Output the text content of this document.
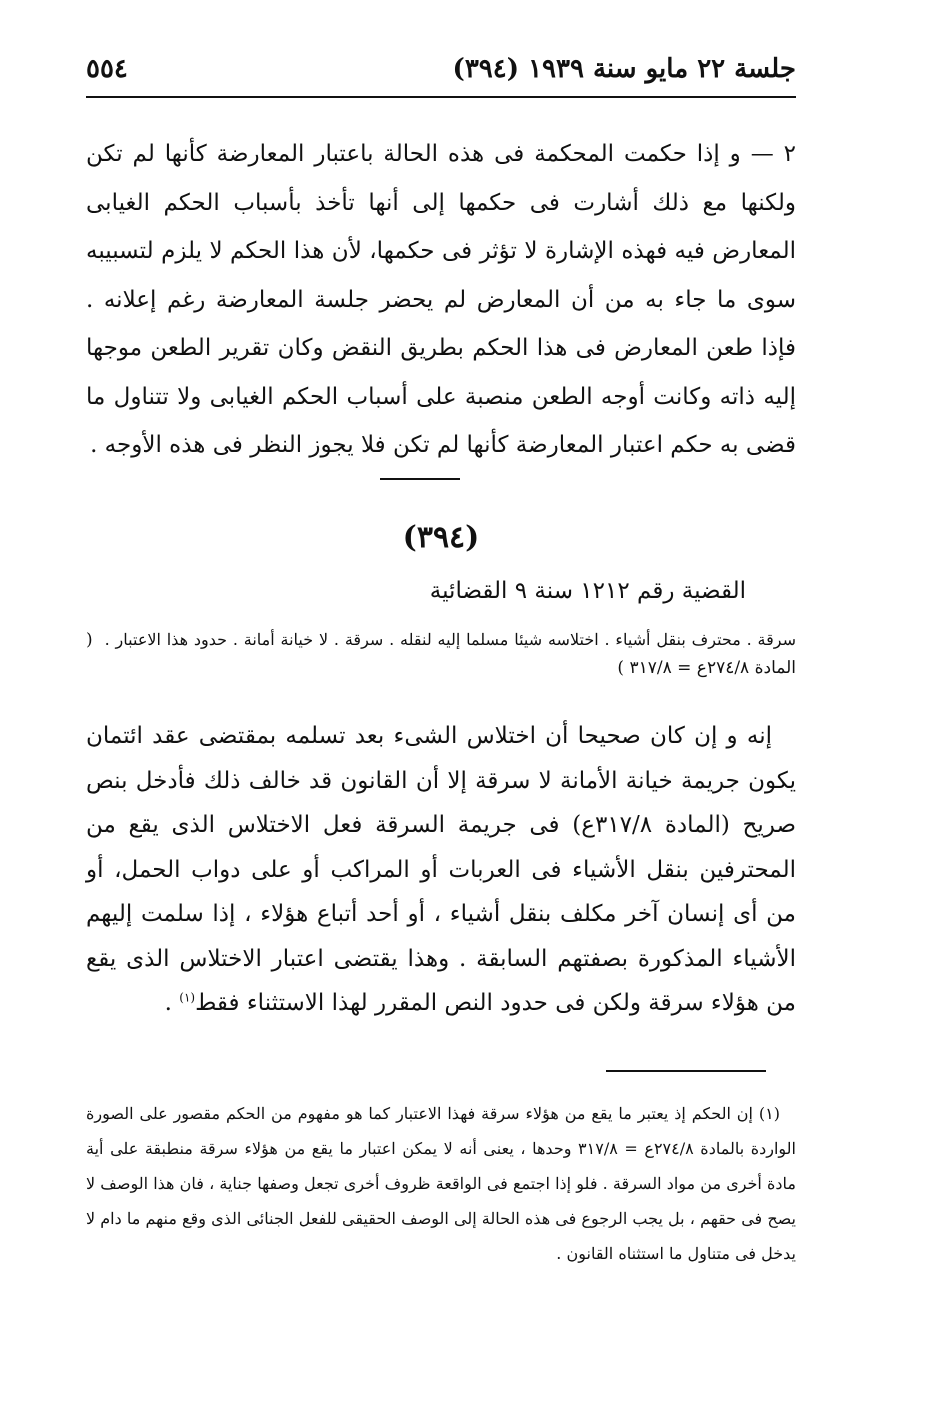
جلسة ٢٢ مايو سنة ١٩٣٩ (٣٩٤)
٥٥٤

٢ — و إذا حكمت المحكمة فى هذه الحالة باعتبار المعارضة كأنها لم تكن ولكنها مع ذلك أشارت فى حكمها إلى أنها تأخذ بأسباب الحكم الغيابى المعارض فيه فهذه الإشارة لا تؤثر فى حكمها، لأن هذا الحكم لا يلزم لتسبيبه سوى ما جاء به من أن المعارض لم يحضر جلسة المعارضة رغم إعلانه . فإذا طعن المعارض فى هذا الحكم بطريق النقض وكان تقرير الطعن موجها إليه ذاته وكانت أوجه الطعن منصبة على أسباب الحكم الغيابى ولا تتناول ما قضى به حكم اعتبار المعارضة كأنها لم تكن فلا يجوز النظر فى هذه الأوجه .

(٣٩٤)
القضية رقم ١٢١٢ سنة ٩ القضائية
سرقة . محترف بنقل أشياء . اختلاسه شيئا مسلما إليه لنقله . سرقة . لا خيانة أمانة . حدود هذا الاعتبار .( المادة ٢٧٤/٨ع = ٣١٧/٨ )

إنه و إن كان صحيحا أن اختلاس الشىء بعد تسلمه بمقتضى عقد ائتمان يكون جريمة خيانة الأمانة لا سرقة إلا أن القانون قد خالف ذلك فأدخل بنص صريح (المادة ٣١٧/٨ع) فى جريمة السرقة فعل الاختلاس الذى يقع من المحترفين بنقل الأشياء فى العربات أو المراكب أو على دواب الحمل، أو من أى إنسان آخر مكلف بنقل أشياء ، أو أحد أتباع هؤلاء ، إذا سلمت إليهم الأشياء المذكورة بصفتهم السابقة . وهذا يقتضى اعتبار الاختلاس الذى يقع من هؤلاء سرقة ولكن فى حدود النص المقرر لهذا الاستثناء فقط$^{(١)}$ .

(١) إن الحكم إذ يعتبر ما يقع من هؤلاء سرقة فهذا الاعتبار كما هو مفهوم من الحكم مقصور على الصورة الواردة بالمادة ٢٧٤/٨ع = ٣١٧/٨ وحدها ، يعنى أنه لا يمكن اعتبار ما يقع من هؤلاء سرقة منطبقة على أية مادة أخرى من مواد السرقة . فلو إذا اجتمع فى الواقعة ظروف أخرى تجعل وصفها جناية ، فان هذا الوصف لا يصح فى حقهم ، بل يجب الرجوع فى هذه الحالة إلى الوصف الحقيقى للفعل الجنائى الذى وقع منهم ما دام لا يدخل فى متناول ما استثناه القانون .
